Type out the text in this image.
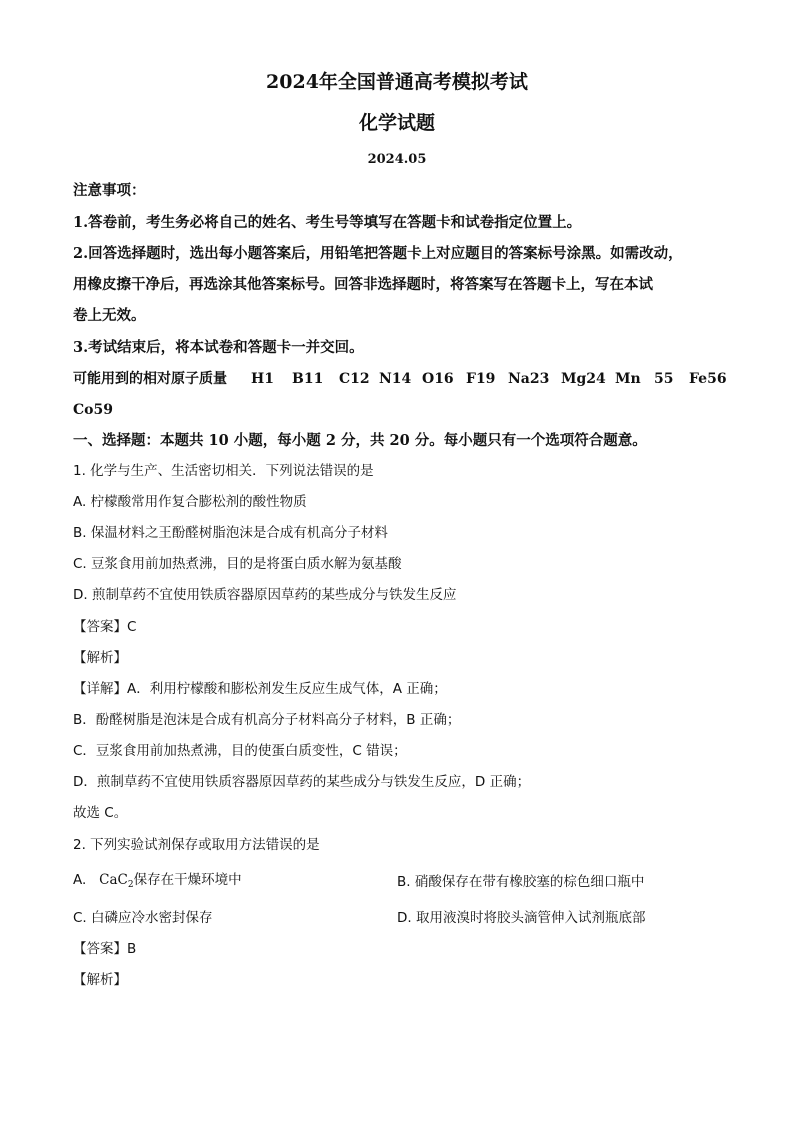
2024年全国普通高考模拟考试
化学试题
2024.05
注意事项：
1.答卷前，考生务必将自己的姓名、考生号等填写在答题卡和试卷指定位置上。
2.回答选择题时，选出每小题答案后，用铅笔把答题卡上对应题目的答案标号涂黑。如需改动，
用橡皮擦干净后，再选涂其他答案标号。回答非选择题时，将答案写在答题卡上，写在本试
卷上无效。
3.考试结束后，将本试卷和答题卡一并交回。
可能用到的相对原子质量 H1 B11 C12 N14 O16 F19 Na23 Mg24 Mn 55 Fe56
Co59
一、选择题：本题共 10 小题，每小题 2 分，共 20 分。每小题只有一个选项符合题意。
1. 化学与生产、生活密切相关．下列说法错误的是
A. 柠檬酸常用作复合膨松剂的酸性物质
B. 保温材料之王酚醛树脂泡沫是合成有机高分子材料
C. 豆浆食用前加热煮沸，目的是将蛋白质水解为氨基酸
D. 煎制草药不宜使用铁质容器原因草药的某些成分与铁发生反应
【答案】C
【解析】
【详解】A．利用柠檬酸和膨松剂发生反应生成气体，A 正确；
B．酚醛树脂是泡沫是合成有机高分子材料高分子材料，B 正确；
C．豆浆食用前加热煮沸，目的使蛋白质变性，C 错误；
D．煎制草药不宜使用铁质容器原因草药的某些成分与铁发生反应，D 正确；
故选 C。
2. 下列实验试剂保存或取用方法错误的是
A. CaC$_2$保存在干燥环境中	B. 硝酸保存在带有橡胶塞的棕色细口瓶中
C. 白磷应冷水密封保存	D. 取用液溴时将胶头滴管伸入试剂瓶底部
【答案】B
【解析】
